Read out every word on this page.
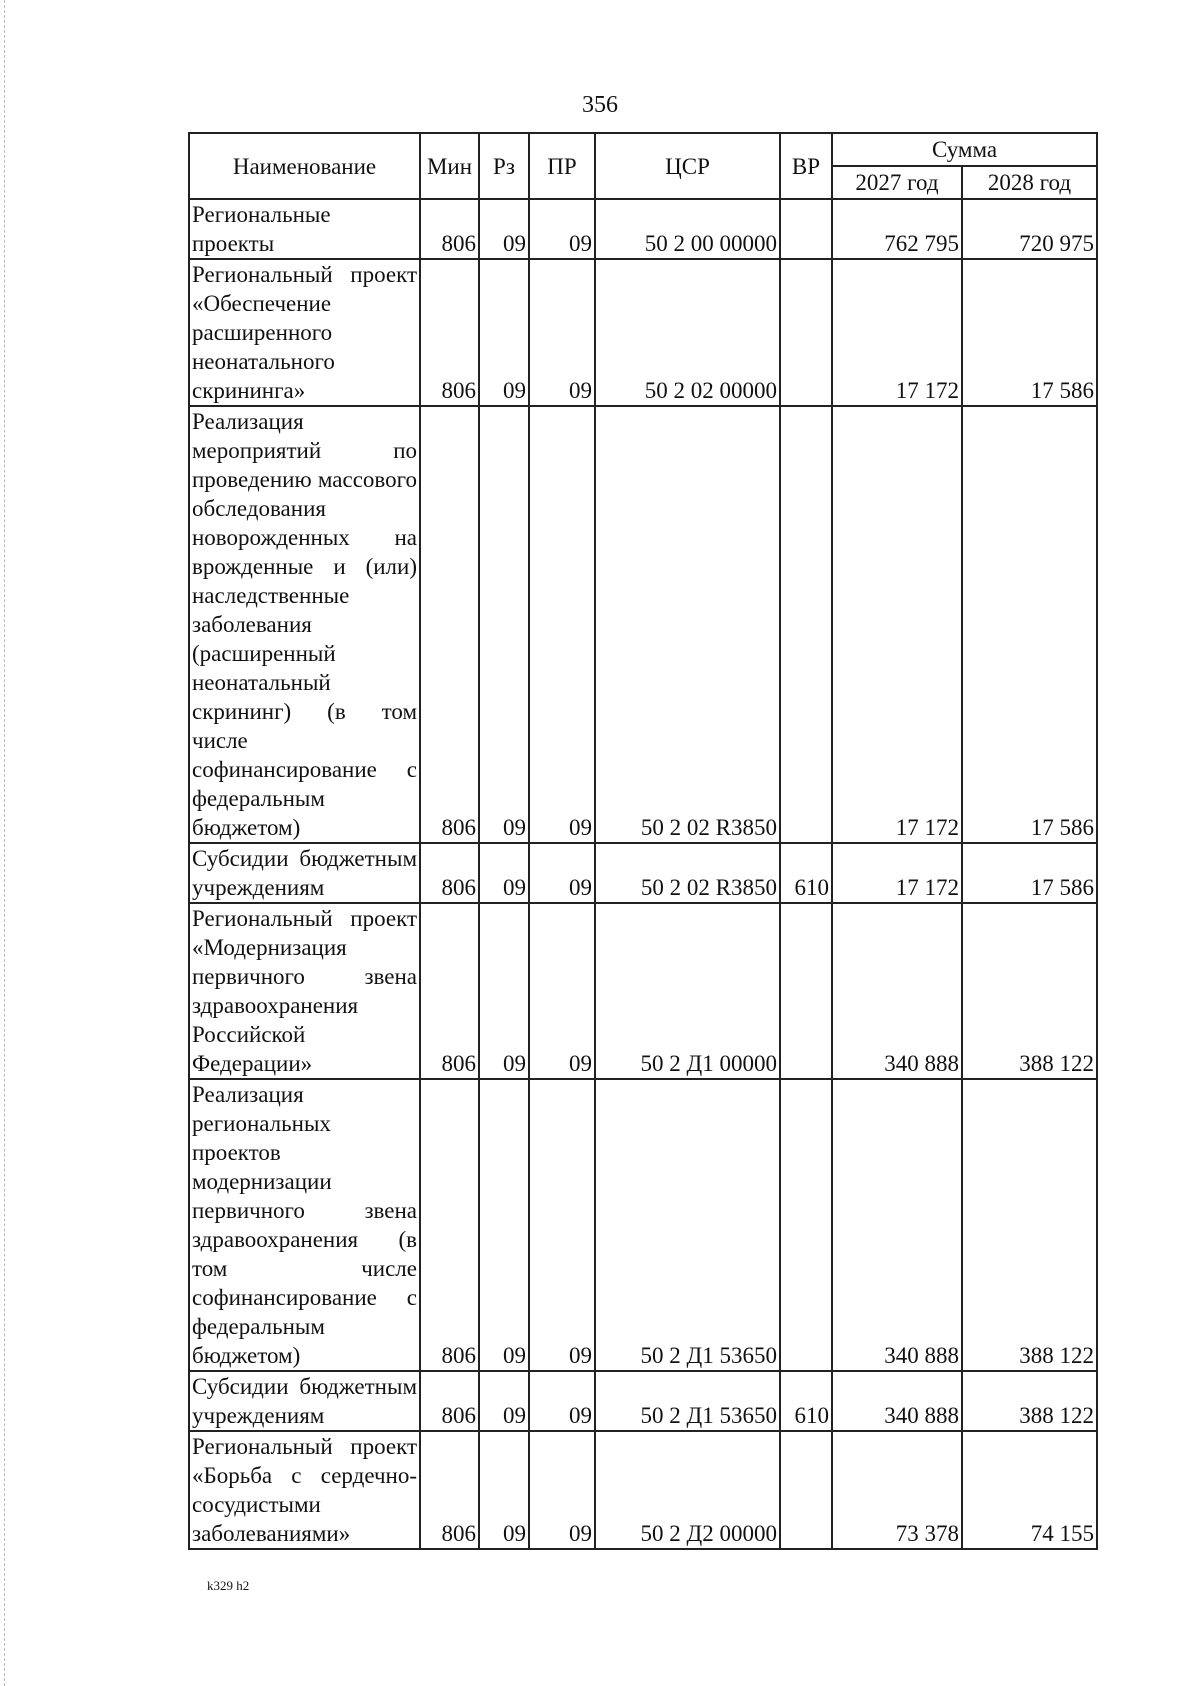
356
Наименование	Мин	Рз	ПР	ЦСР	ВР	Сумма	
						2027 год	2028 год
Региональные проекты	806	09	09	50 2 00 00000		762 795	720 975
Региональный проект «Обеспечение расширенного неонатального скрининга»	806	09	09	50 2 02 00000		17 172	17 586
Реализация мероприятий по проведению массового обследования новорожденных на врожденные и (или) наследственные заболевания (расширенный неонатальный скрининг) (в том числе софинансирование с федеральным бюджетом)	806	09	09	50 2 02 R3850		17 172	17 586
Субсидии бюджетным учреждениям	806	09	09	50 2 02 R3850	610	17 172	17 586
Региональный проект «Модернизация первичного звена здравоохранения Российской Федерации»	806	09	09	50 2 Д1 00000		340 888	388 122
Реализация региональных проектов модернизации первичного звена здравоохранения (в том числе софинансирование с федеральным бюджетом)	806	09	09	50 2 Д1 53650		340 888	388 122
Субсидии бюджетным учреждениям	806	09	09	50 2 Д1 53650	610	340 888	388 122
Региональный проект «Борьба с сердечно-сосудистыми заболеваниями»	806	09	09	50 2 Д2 00000		73 378	74 155
k329 h2
